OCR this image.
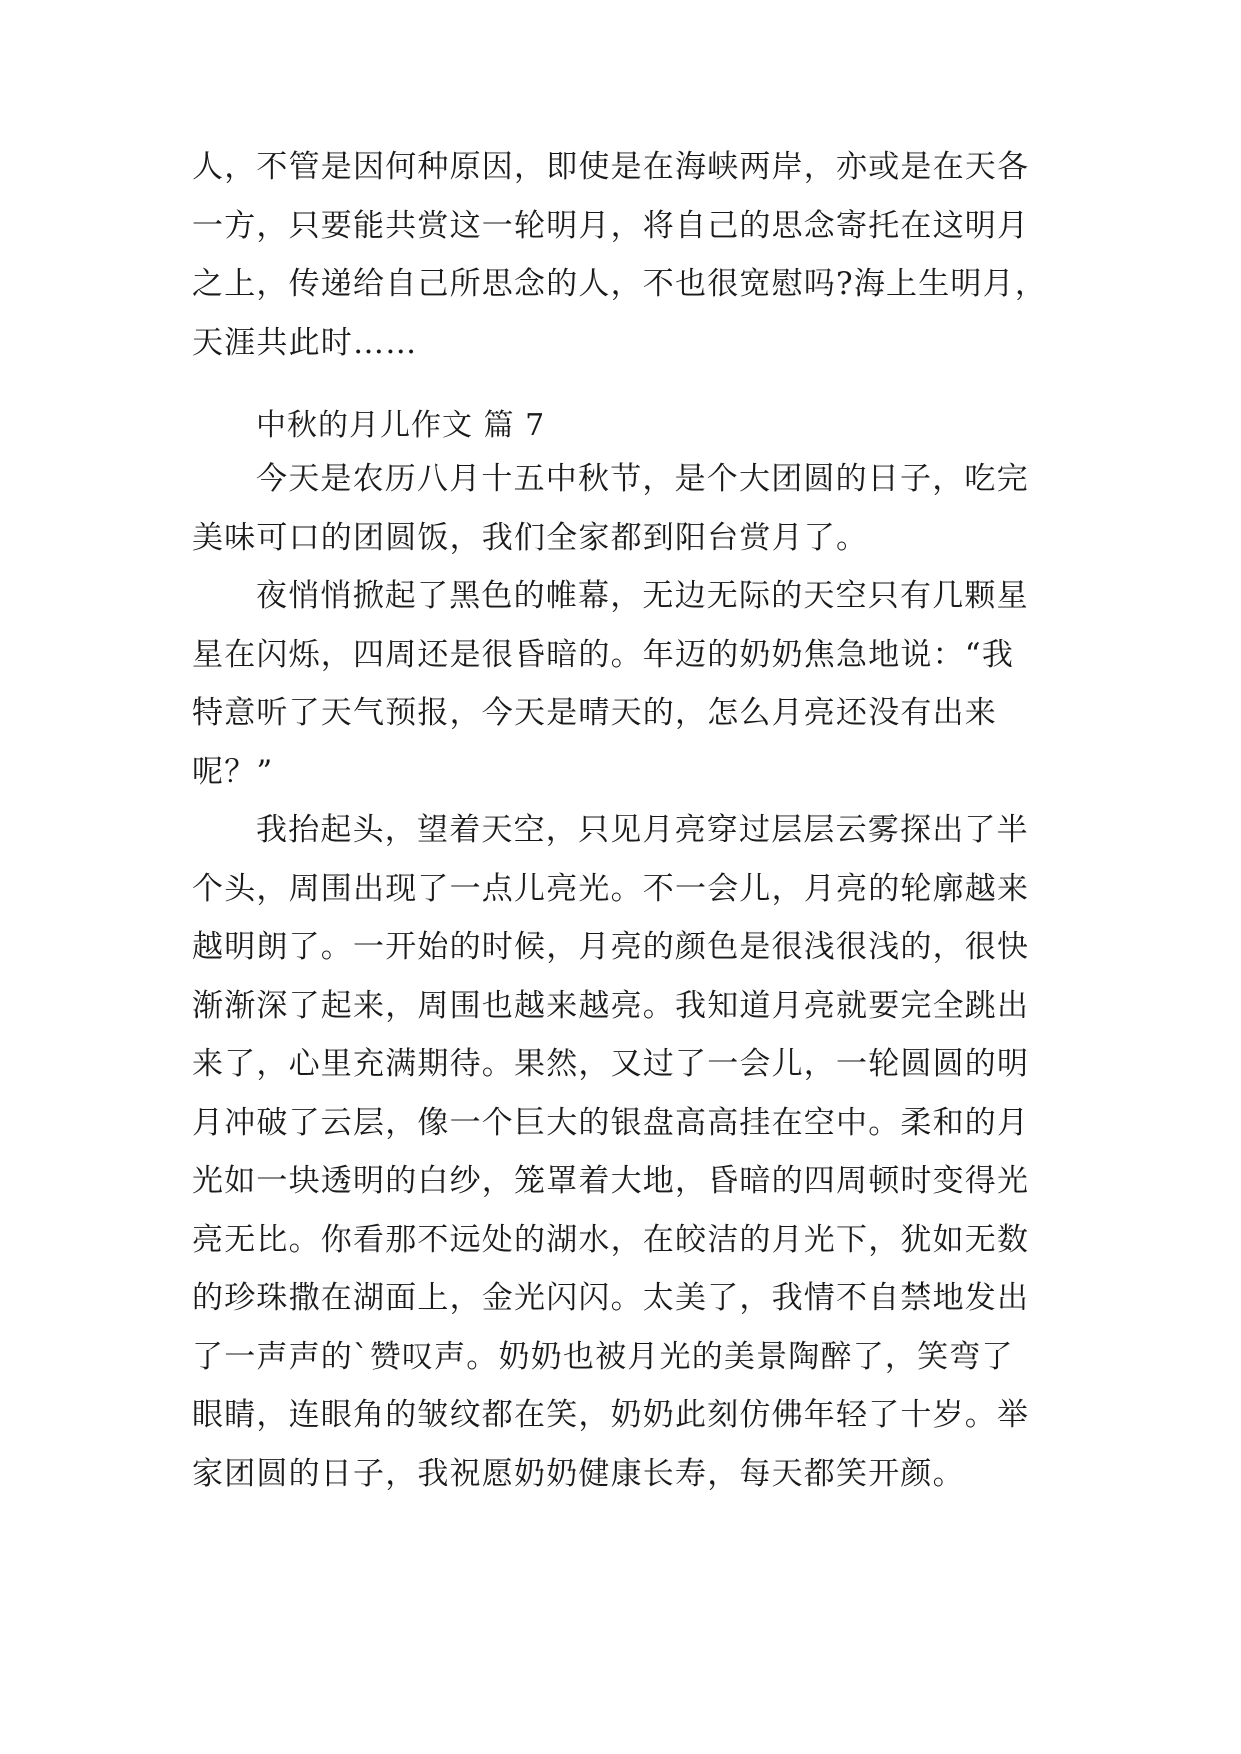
人，不管是因何种原因，即使是在海峡两岸，亦或是在天各
一方，只要能共赏这一轮明月，将自己的思念寄托在这明月
之上，传递给自己所思念的人，不也很宽慰吗?海上生明月，
天涯共此时……
中秋的月儿作文 篇 7
今天是农历八月十五中秋节，是个大团圆的日子，吃完
美味可口的团圆饭，我们全家都到阳台赏月了。
夜悄悄掀起了黑色的帷幕，无边无际的天空只有几颗星
星在闪烁，四周还是很昏暗的。年迈的奶奶焦急地说：“我
特意听了天气预报，今天是晴天的，怎么月亮还没有出来
呢？”
我抬起头，望着天空，只见月亮穿过层层云雾探出了半
个头，周围出现了一点儿亮光。不一会儿，月亮的轮廓越来
越明朗了。一开始的时候，月亮的颜色是很浅很浅的，很快
渐渐深了起来，周围也越来越亮。我知道月亮就要完全跳出
来了，心里充满期待。果然，又过了一会儿，一轮圆圆的明
月冲破了云层，像一个巨大的银盘高高挂在空中。柔和的月
光如一块透明的白纱，笼罩着大地，昏暗的四周顿时变得光
亮无比。你看那不远处的湖水，在皎洁的月光下，犹如无数
的珍珠撒在湖面上，金光闪闪。太美了，我情不自禁地发出
了一声声的`赞叹声。奶奶也被月光的美景陶醉了，笑弯了
眼睛，连眼角的皱纹都在笑，奶奶此刻仿佛年轻了十岁。举
家团圆的日子，我祝愿奶奶健康长寿，每天都笑开颜。
